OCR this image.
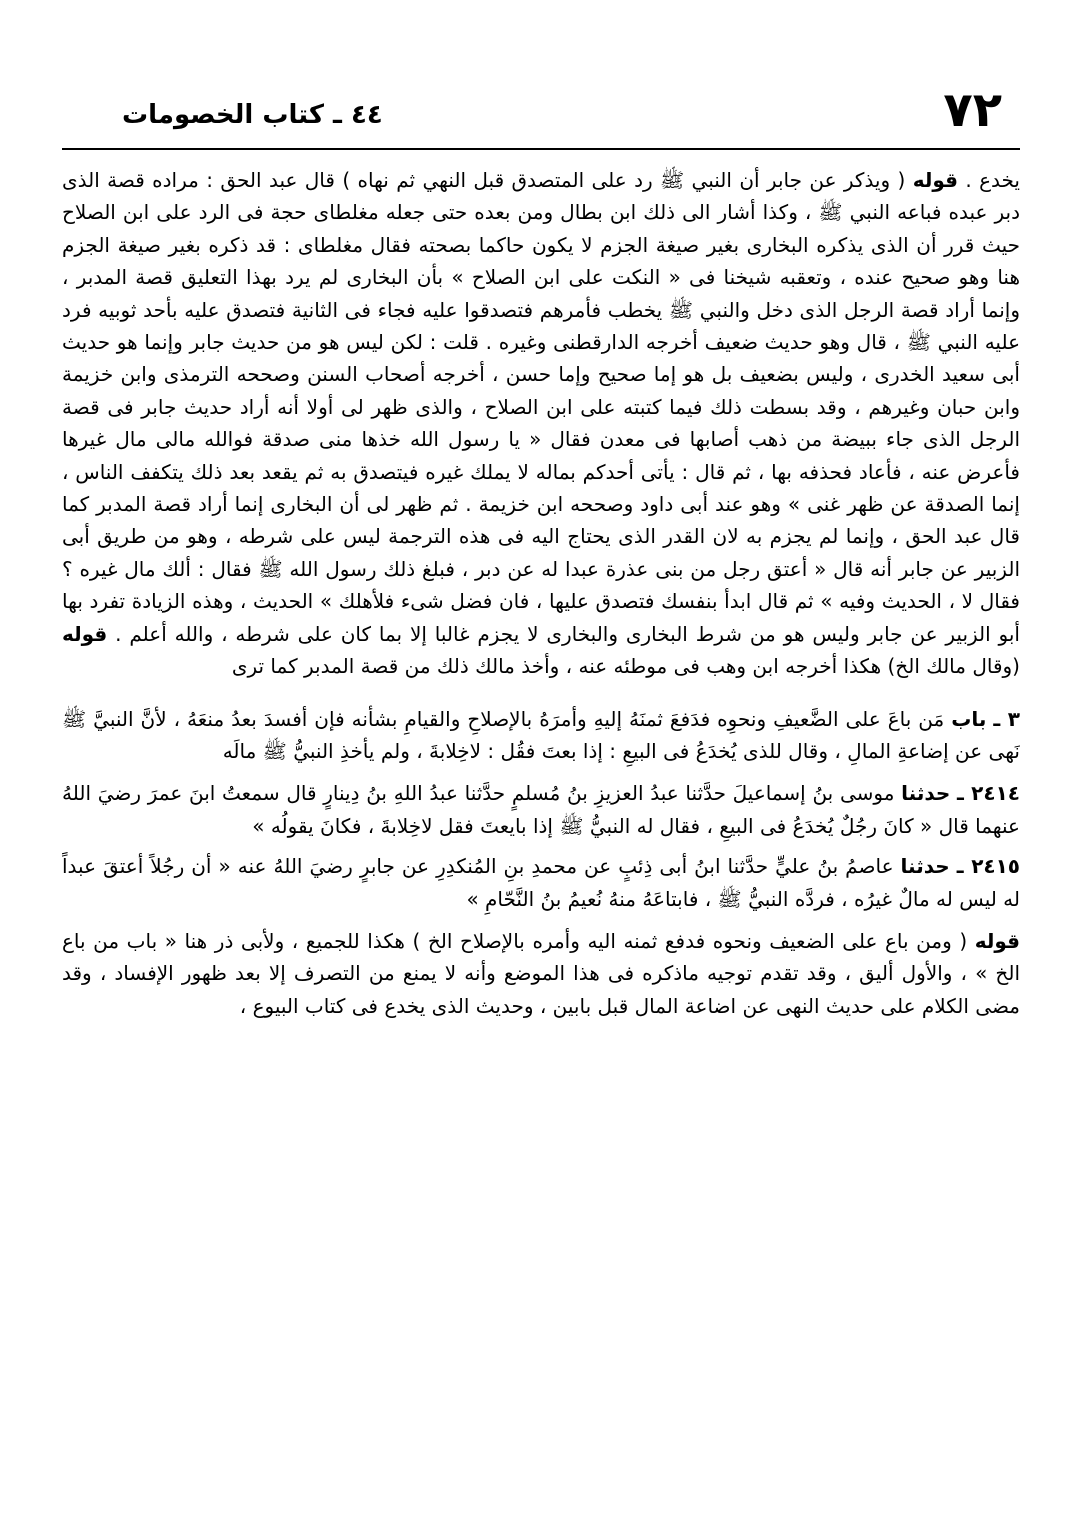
٧٢
٤٤ ـ كتاب الخصومات

يخدع . قوله ( ويذكر عن جابر أن النبي ﷺ رد على المتصدق قبل النهي ثم نهاه ) قال عبد الحق : مراده قصة الذى دبر عبده فباعه النبي ﷺ ، وكذا أشار الى ذلك ابن بطال ومن بعده حتى جعله مغلطاى حجة فى الرد على ابن الصلاح حيث قرر أن الذى يذكره البخارى بغير صيغة الجزم لا يكون حاكما بصحته فقال مغلطاى : قد ذكره بغير صيغة الجزم هنا وهو صحيح عنده ، وتعقبه شيخنا فى « النكت على ابن الصلاح » بأن البخارى لم يرد بهذا التعليق قصة المدبر ، وإنما أراد قصة الرجل الذى دخل والنبي ﷺ يخطب فأمرهم فتصدقوا عليه فجاء فى الثانية فتصدق عليه بأحد ثوبيه فرد عليه النبي ﷺ ، قال وهو حديث ضعيف أخرجه الدارقطنى وغيره . قلت : لكن ليس هو من حديث جابر وإنما هو حديث أبى سعيد الخدرى ، وليس بضعيف بل هو إما صحيح وإما حسن ، أخرجه أصحاب السنن وصححه الترمذى وابن خزيمة وابن حبان وغيرهم ، وقد بسطت ذلك فيما كتبته على ابن الصلاح ، والذى ظهر لى أولا أنه أراد حديث جابر فى قصة الرجل الذى جاء ببيضة من ذهب أصابها فى معدن فقال « يا رسول الله خذها منى صدقة فوالله مالى مال غيرها فأعرض عنه ، فأعاد فحذفه بها ، ثم قال : يأتى أحدكم بماله لا يملك غيره فيتصدق به ثم يقعد بعد ذلك يتكفف الناس ، إنما الصدقة عن ظهر غنى » وهو عند أبى داود وصححه ابن خزيمة . ثم ظهر لى أن البخارى إنما أراد قصة المدبر كما قال عبد الحق ، وإنما لم يجزم به لان القدر الذى يحتاج اليه فى هذه الترجمة ليس على شرطه ، وهو من طريق أبى الزبير عن جابر أنه قال « أعتق رجل من بنى عذرة عبدا له عن دبر ، فبلغ ذلك رسول الله ﷺ فقال : ألك مال غيره ؟ فقال لا ، الحديث وفيه » ثم قال ابدأ بنفسك فتصدق عليها ، فان فضل شىء فلأهلك » الحديث ، وهذه الزيادة تفرد بها أبو الزبير عن جابر وليس هو من شرط البخارى والبخارى لا يجزم غالبا إلا بما كان على شرطه ، والله أعلم . قوله (وقال مالك الخ) هكذا أخرجه ابن وهب فى موطئه عنه ، وأخذ مالك ذلك من قصة المدبر كما ترى

٣ ـ باب مَن باعَ على الضَّعيفِ ونحوِه فدَفعَ ثمنَهُ إليهِ وأمرَهُ بالإصلاحِ والقيامِ بشأنه فإن أفسدَ بعدُ منعَهُ ، لأنَّ النبيَّ ﷺ نَهى عن إضاعةِ المالِ ، وقال للذى يُخدَعُ فى البيعِ : إذا بعتَ فقُل : لاخِلابةَ ، ولم يأخذِ النبيُّ ﷺ مالَه

٢٤١٤ ـ حدثنا موسى بنُ إسماعيلَ حدَّثنا عبدُ العزيزِ بنُ مُسلمٍ حدَّثنا عبدُ اللهِ بنُ دِينارٍ قال سمعتُ ابنَ عمرَ رضيَ اللهُ عنهما قال « كانَ رجُلٌ يُخدَعُ فى البيعِ ، فقال له النبيُّ ﷺ إذا بايعتَ فقل لاخِلابةَ ، فكانَ يقولُه »

٢٤١٥ ـ حدثنا عاصمُ بنُ عليٍّ حدَّثنا ابنُ أبى ذِئبٍ عن محمدِ بنِ المُنكدِرِ عن جابرٍ رضيَ اللهُ عنه « أن رجُلاً أعتقَ عبداً له ليس له مالٌ غيرُه ، فردَّه النبيُّ ﷺ ، فابتاعَهُ منهُ نُعيمُ بنُ النَّحّامِ »

قوله ( ومن باع على الضعيف ونحوه فدفع ثمنه اليه وأمره بالإصلاح الخ ) هكذا للجميع ، ولأبى ذر هنا « باب من باع الخ » ، والأول أليق ، وقد تقدم توجيه ماذكره فى هذا الموضع وأنه لا يمنع من التصرف إلا بعد ظهور الإفساد ، وقد مضى الكلام على حديث النهى عن اضاعة المال قبل بابين ، وحديث الذى يخدع فى كتاب البيوع ،
